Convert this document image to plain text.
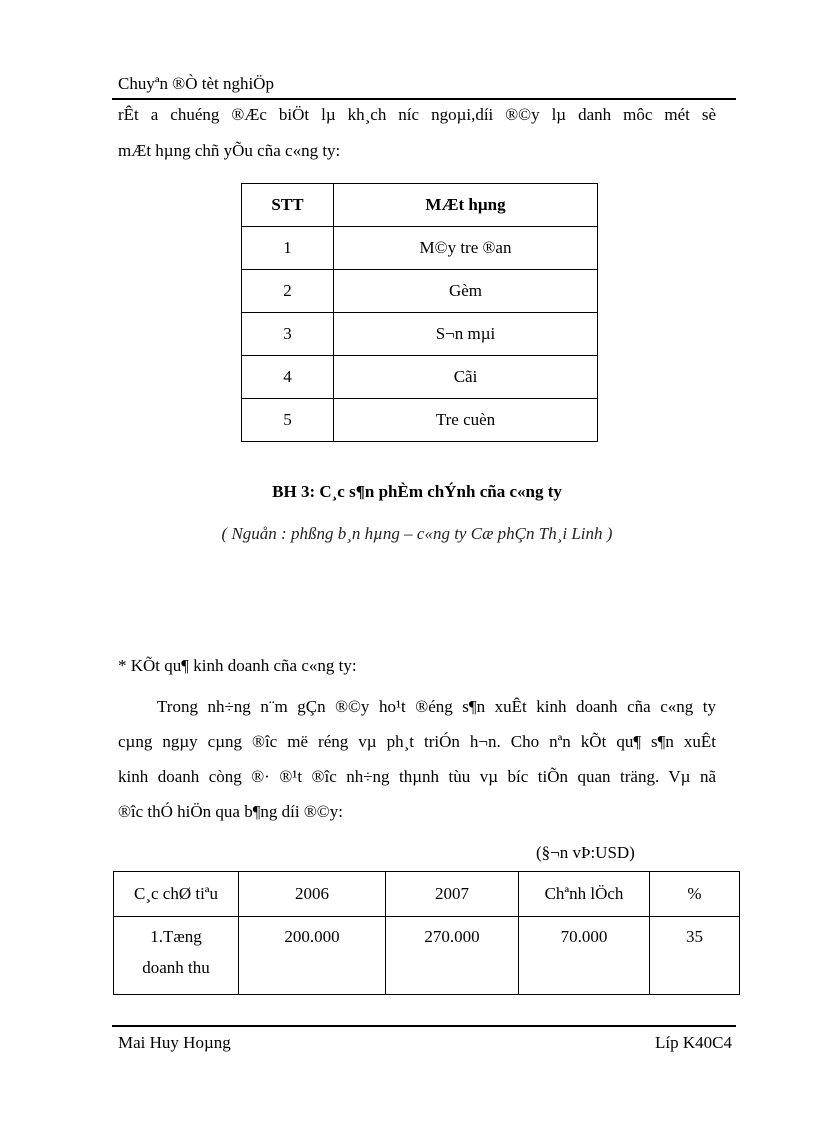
Chuyªn ®Ò tèt nghiÖp
rÊt a chuéng ®Æc biÖt lµ kh¸ch níc ngoµi,díi ®©y lµ danh môc mét sè
mÆt hµng chñ yÕu cña c«ng ty:
STT	MÆt hµng
1	M©y tre ®an
2	Gèm
3	S¬n mµi
4	Cãi
5	Tre cuèn
BH 3: C¸c s¶n phÈm chÝnh cña c«ng ty
( Nguån : phßng b¸n hµng – c«ng ty Cæ phÇn Th¸i Linh )
* KÕt qu¶ kinh doanh cña c«ng ty:
Trong nh÷ng n¨m gÇn ®©y ho¹t ®éng s¶n xuÊt kinh doanh cña c«ng ty
cµng ngµy cµng ®îc më réng vµ ph¸t triÓn h¬n. Cho nªn kÕt qu¶ s¶n xuÊt
kinh doanh còng ®· ®¹t ®îc nh÷ng thµnh tùu vµ bíc tiÕn quan träng. Vµ nã
®îc thÓ hiÖn qua b¶ng díi ®©y:
(§¬n vÞ:USD)
C¸c chØ tiªu	2006	2007	Chªnh lÖch	%
1.Tæng doanh thu	200.000	270.000	70.000	35
Mai Huy Hoµng	Líp K40C4
